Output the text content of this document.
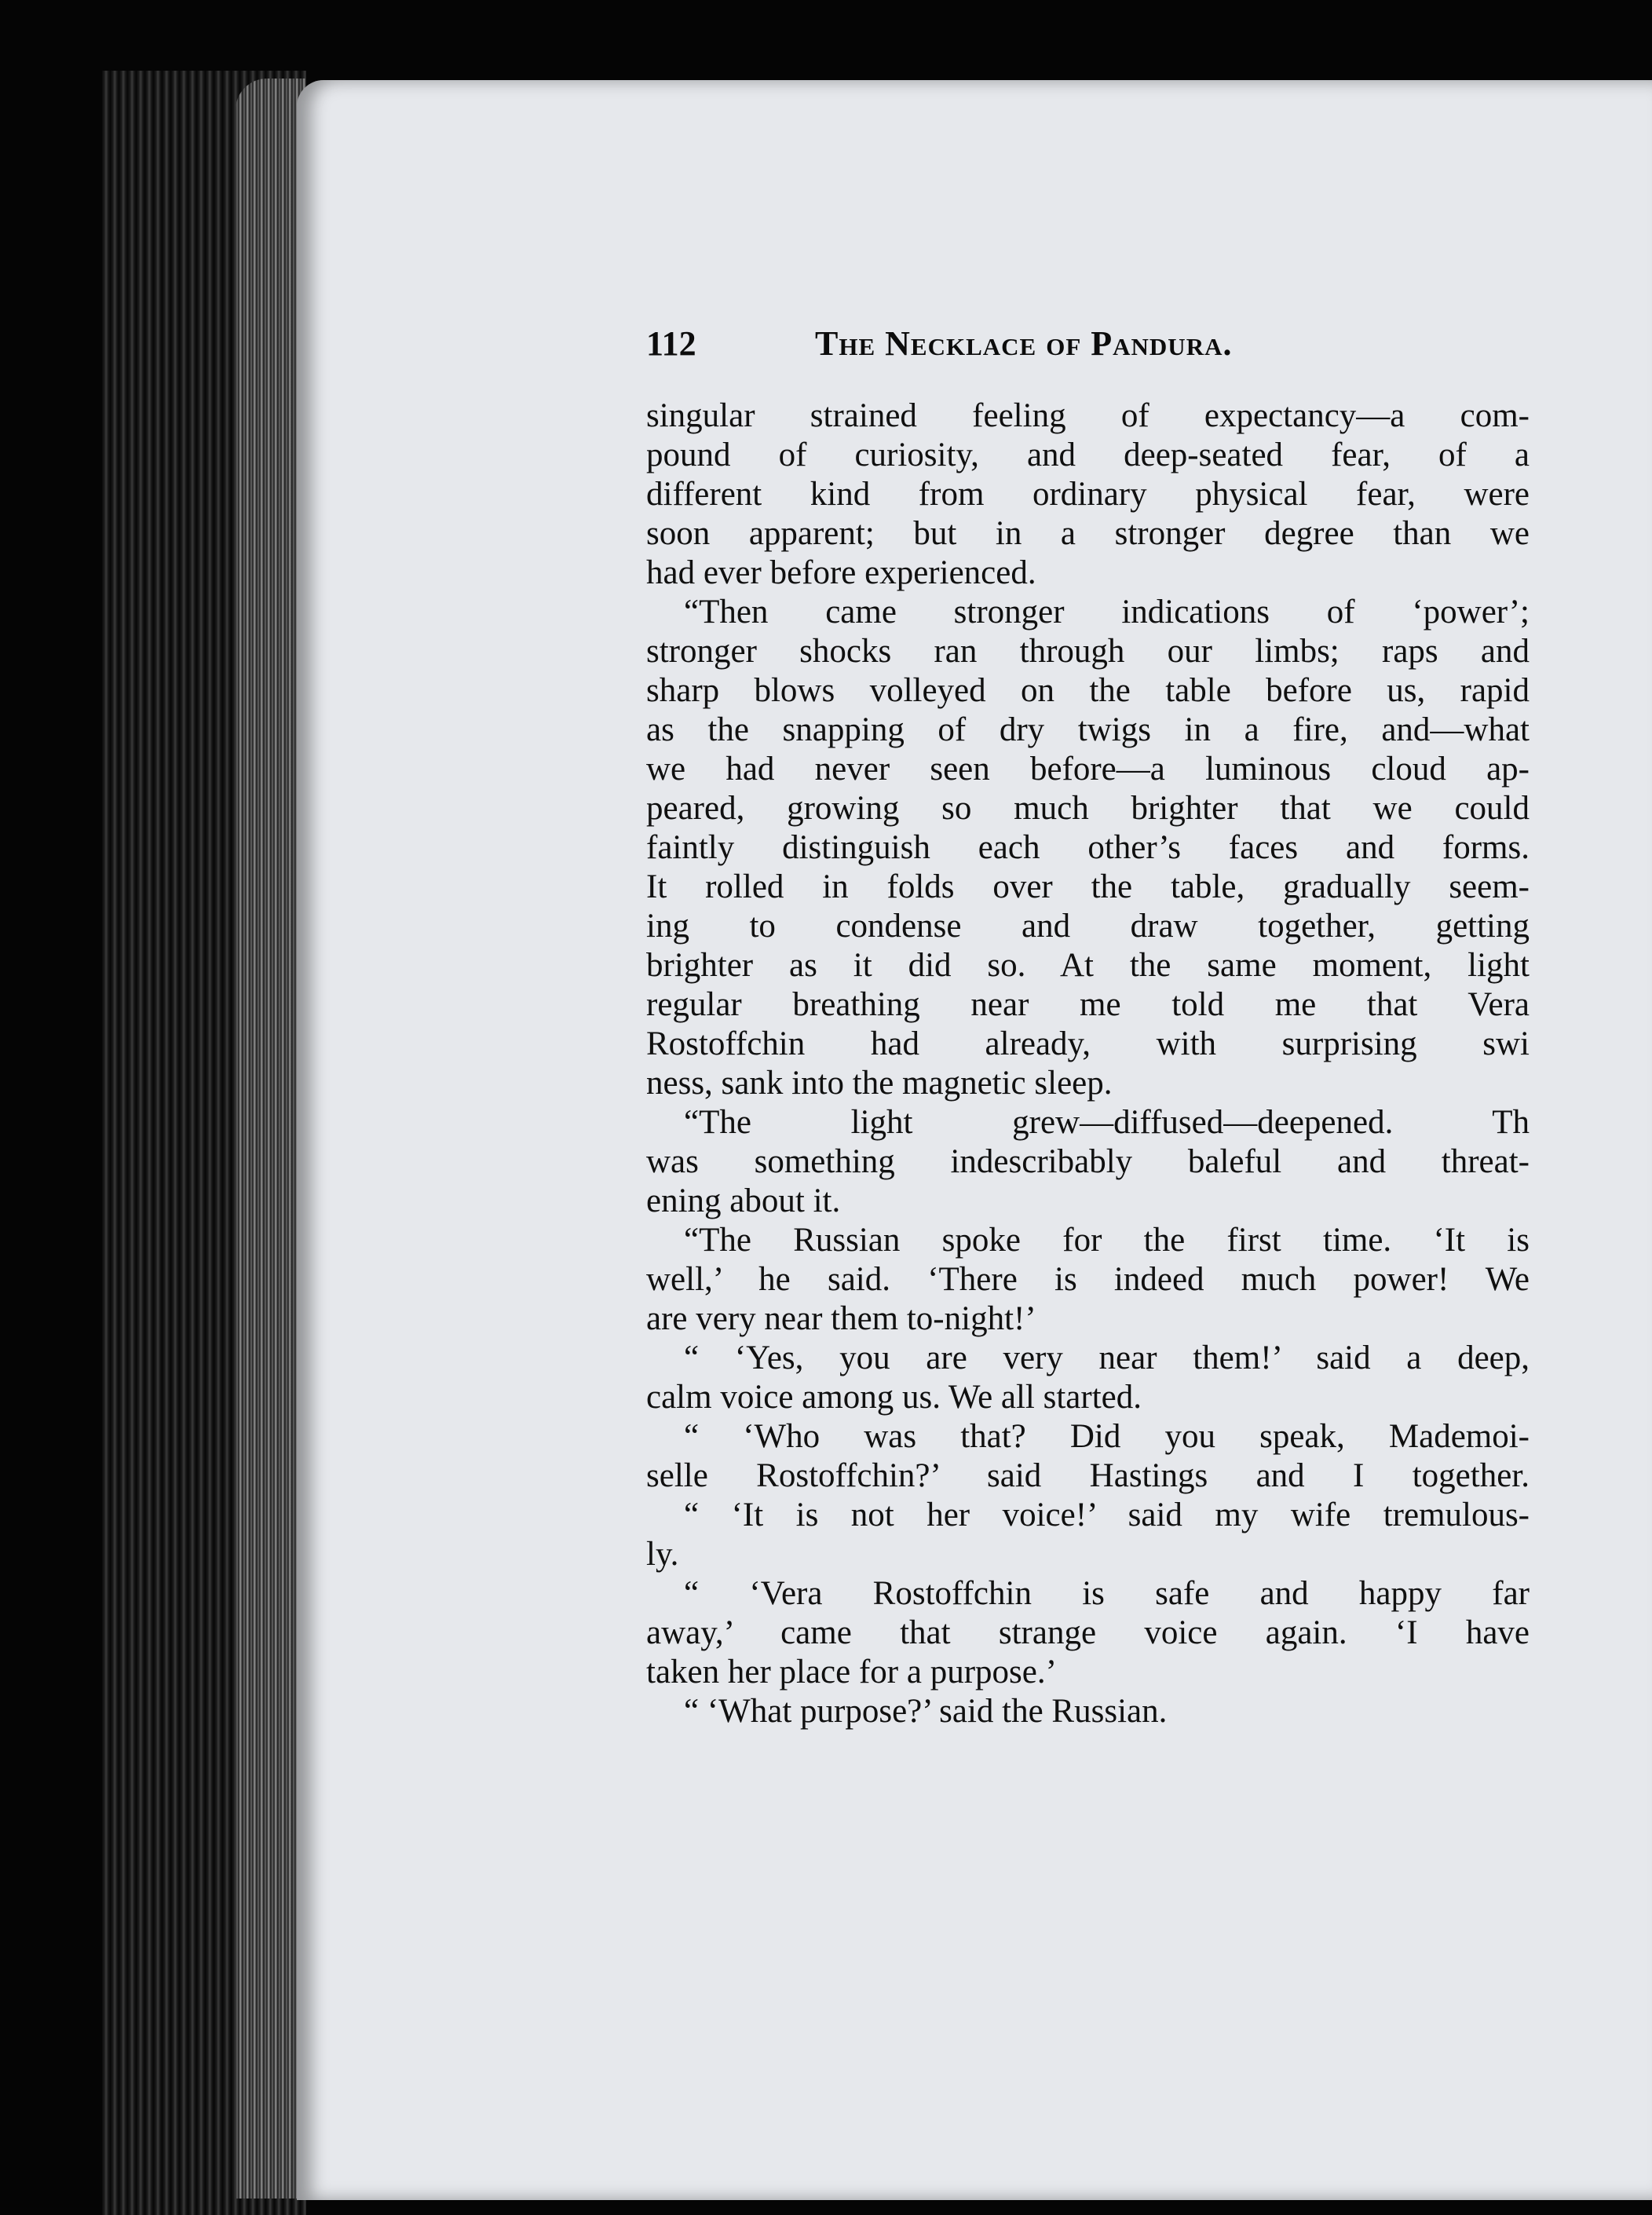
112	The Necklace of Pandura.
singular strained feeling of expectancy—a com-
pound of curiosity, and deep-seated fear, of a
different kind from ordinary physical fear, were
soon apparent; but in a stronger degree than we
had ever before experienced.
“Then came stronger indications of ‘power’;
stronger shocks ran through our limbs; raps and
sharp blows volleyed on the table before us, rapid
as the snapping of dry twigs in a fire, and—what
we had never seen before—a luminous cloud ap-
peared, growing so much brighter that we could
faintly distinguish each other’s faces and forms.
It rolled in folds over the table, gradually seem-
ing to condense and draw together, getting
brighter as it did so. At the same moment, light
regular breathing near me told me that Vera
Rostoffchin had already, with surprising swi
ness, sank into the magnetic sleep.
“The light grew—diffused—deepened. Th
was something indescribably baleful and threat-
ening about it.
“The Russian spoke for the first time. ‘It is
well,’ he said. ‘There is indeed much power! We
are very near them to-night!’
“ ‘Yes, you are very near them!’ said a deep,
calm voice among us. We all started.
“ ‘Who was that? Did you speak, Mademoi-
selle Rostoffchin?’ said Hastings and I together.
“ ‘It is not her voice!’ said my wife tremulous-
ly.
“ ‘Vera Rostoffchin is safe and happy far
away,’ came that strange voice again. ‘I have
taken her place for a purpose.’
“ ‘What purpose?’ said the Russian.
